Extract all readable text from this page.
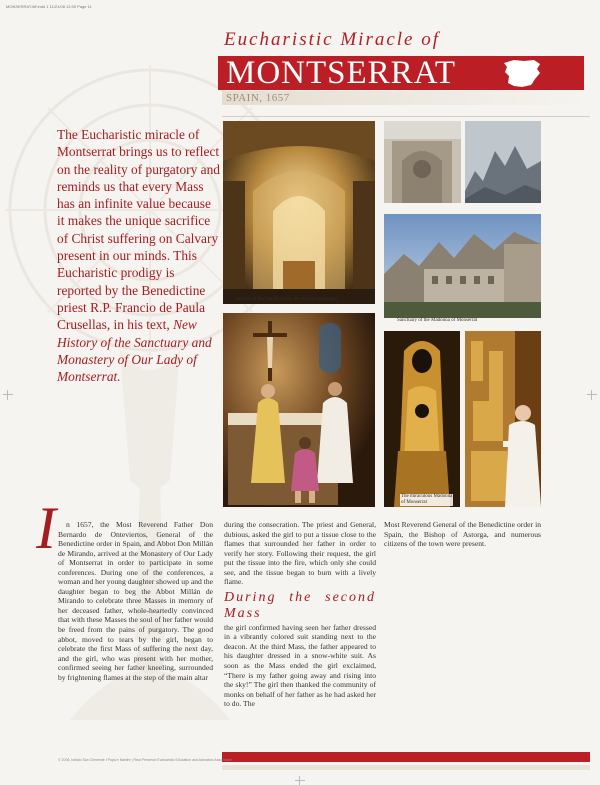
MONSERRAT-tiff.indd 1 11/21/08 12:00 Page 11
Eucharistic Miracle of
MONTSERRAT
SPAIN, 1657

The Eucharistic miracle of Montserrat brings us to reflect on the reality of purgatory and reminds us that every Mass has an infinite value because it makes the unique sacrifice of Christ suffering on Calvary present in our minds. This Eucharistic prodigy is reported by the Benedictine priest R.P. Francio de Paula Crusellas, in his text, New History of the Sanctuary and Monastery of Our Lady of Montserrat.

Interior of the church where the miracle took place
Sanctuary of the Madonna of Monserrat
The miraculous Madonna
of Monserrat
I	n 1657, the Most Reverend Father Don Bernardo de Onteviertos, General of the Benedictine order in Spain, and Abbot Don Millán de Mirando, arrived at the Monastery of Our Lady of Montserrat in order to participate in some conferences. During one of the conferences, a woman and her young daughter showed up and the daughter began to beg the Abbot Millán de Mirando to celebrate three Masses in memory of her deceased father, whole-heartedly convinced that with these Masses the soul of her father would be freed from the pains of purgatory. The good abbot, moved to tears by the girl, began to celebrate the first Mass of suffering the next day, and the girl, who was present with her mother, confirmed seeing her father kneeling, surrounded by frightening flames at the step of the main altar

during the consecration. The priest and General, dubious, asked the girl to put a tissue close to the flames that surrounded her father in order to verify her story. Following their request, the girl put the tissue into the fire, which only she could see, and the tissue began to burn with a lively flame.

During the second Mass

the girl confirmed having seen her father dressed in a vibrantly colored suit standing next to the deacon. At the third Mass, the father appeared to his daughter dressed in a snow-white suit. As soon as the Mass ended the girl exclaimed, “There is my father going away and rising into the sky!” The girl then thanked the community of monks on behalf of her father as he had asked her to do. The

Most Reverend General of the Benedictine order in Spain, the Bishop of Astorga, and numerous citizens of the town were present.

© 2006, Istituto San Clemente I Papa e Martire | Real Presence Eucharistic Education and Adoration Association
